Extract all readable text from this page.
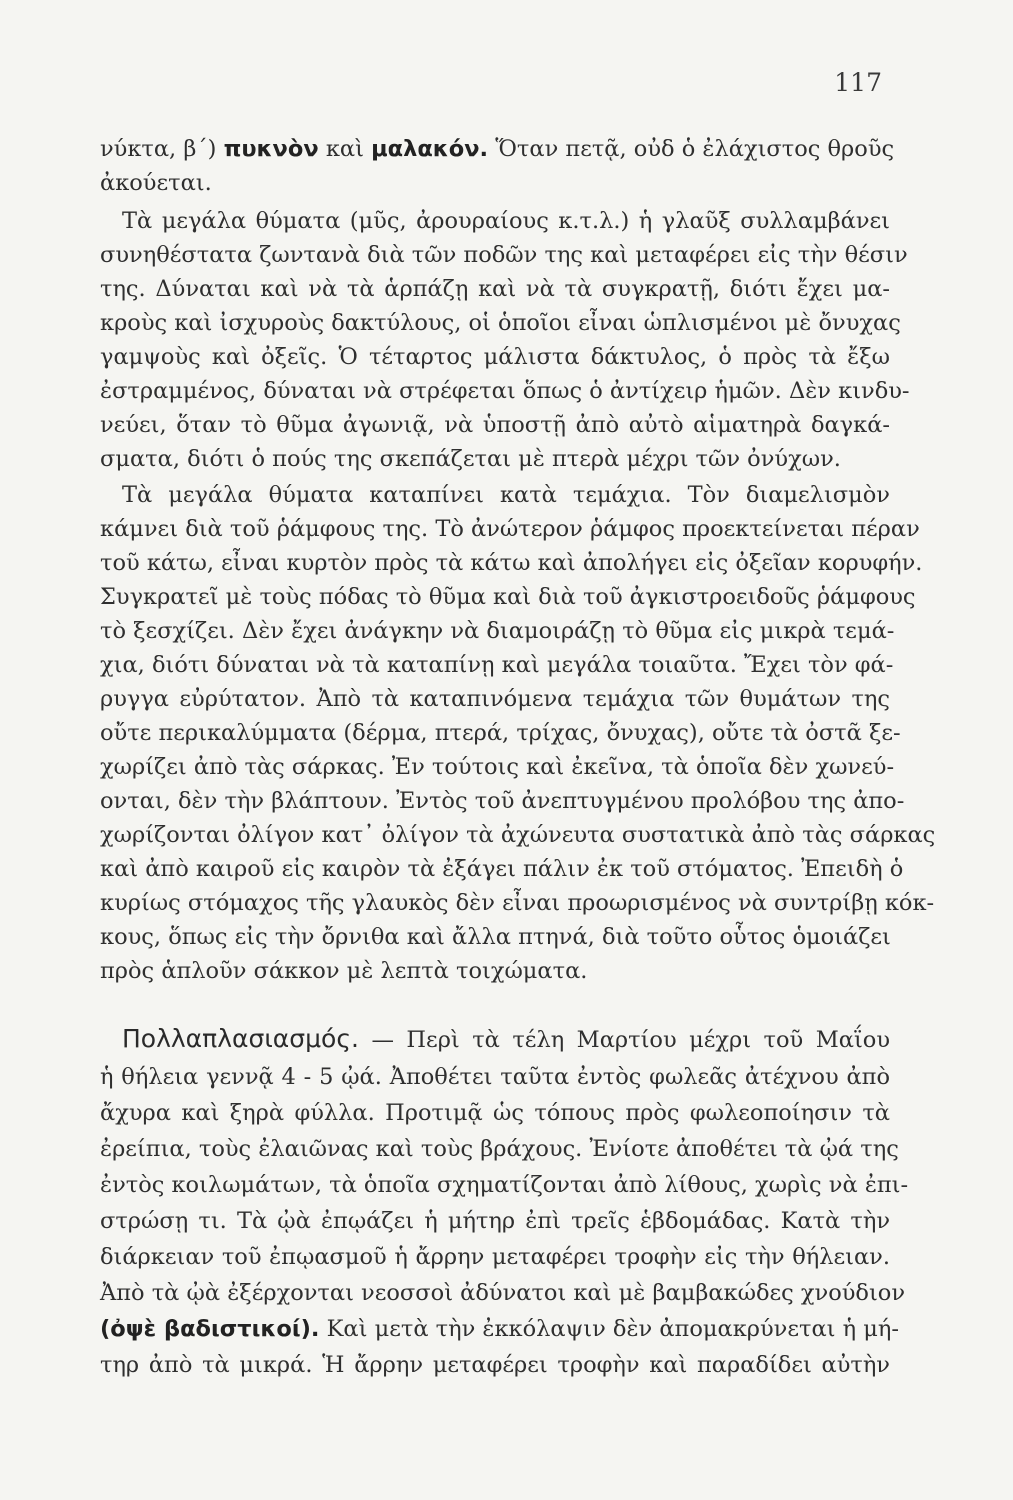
117
νύκτα, β΄) πυκνὸν καὶ μαλακόν. Ὅταν πετᾷ, οὐδ ὁ ἐλάχιστος θροῦς
ἀκούεται.
Τὰ μεγάλα θύματα (μῦς, ἀρουραίους κ.τ.λ.) ἡ γλαῦξ συλλαμβάνει
συνηθέστατα ζωντανὰ διὰ τῶν ποδῶν της καὶ μεταφέρει εἰς τὴν θέσιν
της. Δύναται καὶ νὰ τὰ ἁρπάζῃ καὶ νὰ τὰ συγκρατῇ, διότι ἔχει μα-
κροὺς καὶ ἰσχυροὺς δακτύλους, οἱ ὁποῖοι εἶναι ὡπλισμένοι μὲ ὄνυχας
γαμψοὺς καὶ ὀξεῖς. Ὁ τέταρτος μάλιστα δάκτυλος, ὁ πρὸς τὰ ἔξω
ἐστραμμένος, δύναται νὰ στρέφεται ὅπως ὁ ἀντίχειρ ἡμῶν. Δὲν κινδυ-
νεύει, ὅταν τὸ θῦμα ἀγωνιᾷ, νὰ ὑποστῇ ἀπὸ αὐτὸ αἱματηρὰ δαγκά-
σματα, διότι ὁ πούς της σκεπάζεται μὲ πτερὰ μέχρι τῶν ὀνύχων.
Τὰ μεγάλα θύματα καταπίνει κατὰ τεμάχια. Τὸν διαμελισμὸν
κάμνει διὰ τοῦ ῥάμφους της. Τὸ ἀνώτερον ῥάμφος προεκτείνεται πέραν
τοῦ κάτω, εἶναι κυρτὸν πρὸς τὰ κάτω καὶ ἀπολήγει εἰς ὀξεῖαν κορυφήν.
Συγκρατεῖ μὲ τοὺς πόδας τὸ θῦμα καὶ διὰ τοῦ ἀγκιστροειδοῦς ῥάμφους
τὸ ξεσχίζει. Δὲν ἔχει ἀνάγκην νὰ διαμοιράζῃ τὸ θῦμα εἰς μικρὰ τεμά-
χια, διότι δύναται νὰ τὰ καταπίνῃ καὶ μεγάλα τοιαῦτα. Ἔχει τὸν φά-
ρυγγα εὐρύτατον. Ἀπὸ τὰ καταπινόμενα τεμάχια τῶν θυμάτων της
οὔτε περικαλύμματα (δέρμα, πτερά, τρίχας, ὄνυχας), οὔτε τὰ ὀστᾶ ξε-
χωρίζει ἀπὸ τὰς σάρκας. Ἐν τούτοις καὶ ἐκεῖνα, τὰ ὁποῖα δὲν χωνεύ-
ονται, δὲν τὴν βλάπτουν. Ἐντὸς τοῦ ἀνεπτυγμένου προλόβου της ἀπο-
χωρίζονται ὀλίγον κατ᾿ ὀλίγον τὰ ἀχώνευτα συστατικὰ ἀπὸ τὰς σάρκας
καὶ ἀπὸ καιροῦ εἰς καιρὸν τὰ ἐξάγει πάλιν ἐκ τοῦ στόματος. Ἐπειδὴ ὁ
κυρίως στόμαχος τῆς γλαυκὸς δὲν εἶναι προωρισμένος νὰ συντρίβῃ κόκ-
κους, ὅπως εἰς τὴν ὄρνιθα καὶ ἄλλα πτηνά, διὰ τοῦτο οὗτος ὁμοιάζει
πρὸς ἁπλοῦν σάκκον μὲ λεπτὰ τοιχώματα.
Πολλαπλασιασμός. — Περὶ τὰ τέλη Μαρτίου μέχρι τοῦ Μαΐου
ἡ θήλεια γεννᾷ 4 - 5 ᾠά. Ἀποθέτει ταῦτα ἐντὸς φωλεᾶς ἀτέχνου ἀπὸ
ἄχυρα καὶ ξηρὰ φύλλα. Προτιμᾷ ὡς τόπους πρὸς φωλεοποίησιν τὰ
ἐρείπια, τοὺς ἐλαιῶνας καὶ τοὺς βράχους. Ἐνίοτε ἀποθέτει τὰ ᾠά της
ἐντὸς κοιλωμάτων, τὰ ὁποῖα σχηματίζονται ἀπὸ λίθους, χωρὶς νὰ ἐπι-
στρώσῃ τι. Τὰ ᾠὰ ἐπῳάζει ἡ μήτηρ ἐπὶ τρεῖς ἑβδομάδας. Κατὰ τὴν
διάρκειαν τοῦ ἐπῳασμοῦ ἡ ἄρρην μεταφέρει τροφὴν εἰς τὴν θήλειαν.
Ἀπὸ τὰ ᾠὰ ἐξέρχονται νεοσσοὶ ἀδύνατοι καὶ μὲ βαμβακώδες χνούδιον
(ὀψὲ βαδιστικοί). Καὶ μετὰ τὴν ἐκκόλαψιν δὲν ἀπομακρύνεται ἡ μή-
τηρ ἀπὸ τὰ μικρά. Ἡ ἄρρην μεταφέρει τροφὴν καὶ παραδίδει αὐτὴν
